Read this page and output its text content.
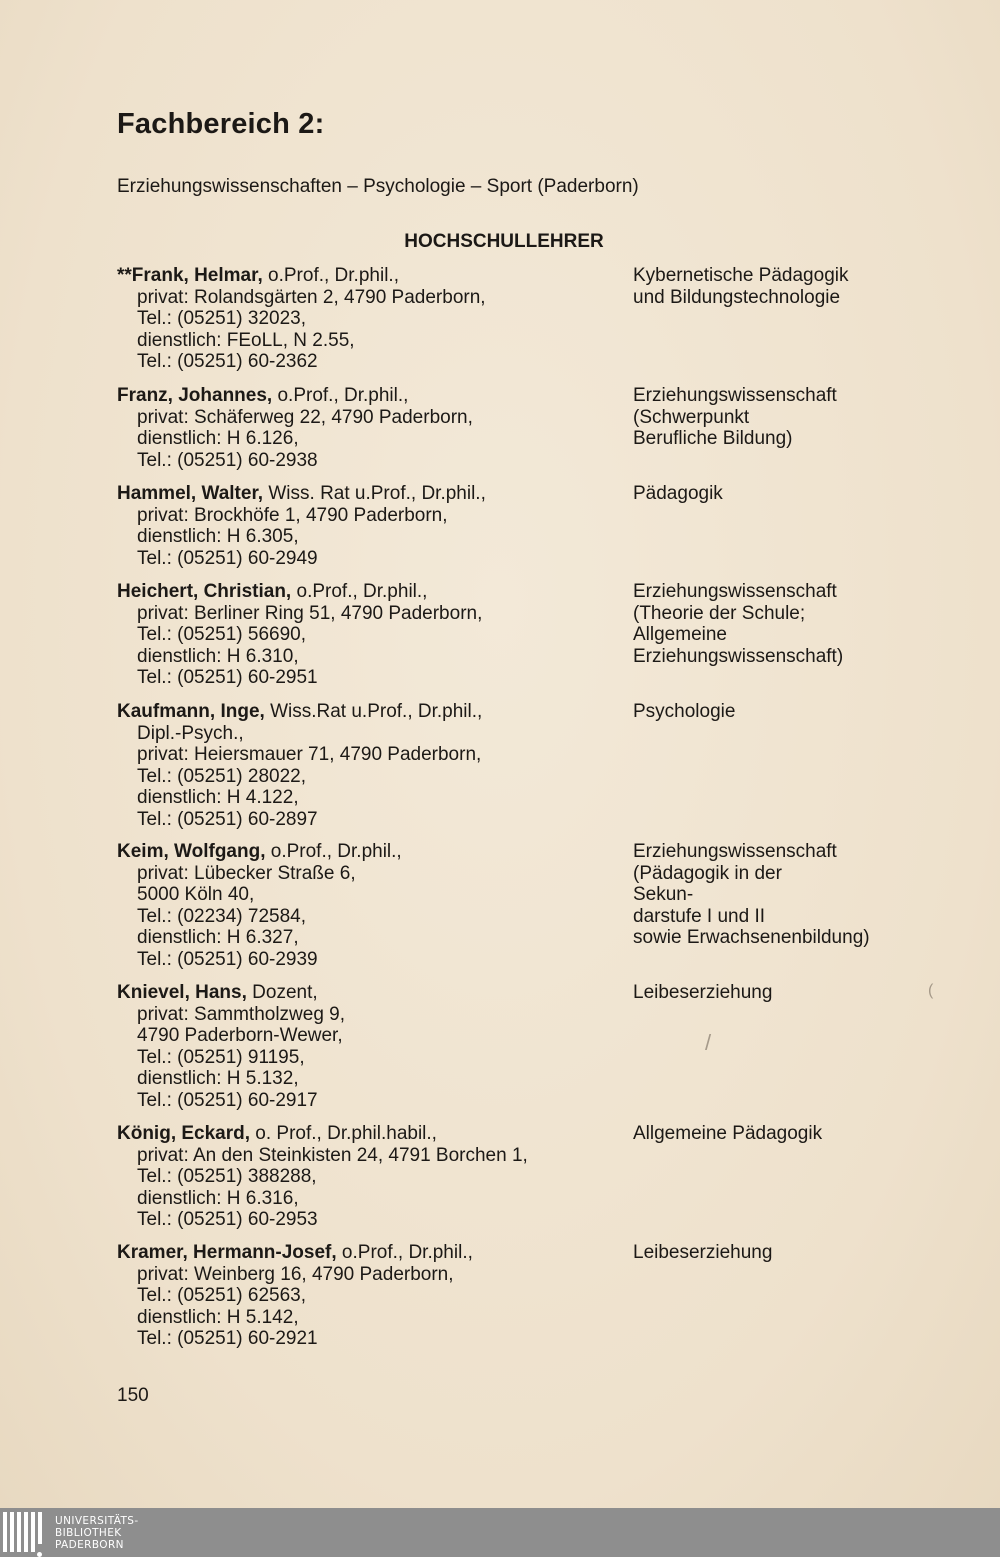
Fachbereich 2:

Erziehungswissenschaften – Psychologie – Sport (Paderborn)

HOCHSCHULLEHRER
**Frank, Helmar, o.Prof., Dr.phil.,
privat: Rolandsgärten 2, 4790 Paderborn,
Tel.: (05251) 32023,
dienstlich: FEoLL, N 2.55,
Tel.: (05251) 60-2362
Kybernetische Pädagogik
und Bildungstechnologie
Franz, Johannes, o.Prof., Dr.phil.,
privat: Schäferweg 22, 4790 Paderborn,
dienstlich: H 6.126,
Tel.: (05251) 60-2938
Erziehungswissenschaft
(Schwerpunkt
Berufliche Bildung)
Hammel, Walter, Wiss. Rat u.Prof., Dr.phil.,
privat: Brockhöfe 1, 4790 Paderborn,
dienstlich: H 6.305,
Tel.: (05251) 60-2949
Pädagogik
Heichert, Christian, o.Prof., Dr.phil.,
privat: Berliner Ring 51, 4790 Paderborn,
Tel.: (05251) 56690,
dienstlich: H 6.310,
Tel.: (05251) 60-2951
Erziehungswissenschaft
(Theorie der Schule;
Allgemeine
Erziehungswissenschaft)
Kaufmann, Inge, Wiss.Rat u.Prof., Dr.phil.,
Dipl.-Psych.,
privat: Heiersmauer 71, 4790 Paderborn,
Tel.: (05251) 28022,
dienstlich: H 4.122,
Tel.: (05251) 60-2897
Psychologie
Keim, Wolfgang, o.Prof., Dr.phil.,
privat: Lübecker Straße 6,
5000 Köln 40,
Tel.: (02234) 72584,
dienstlich: H 6.327,
Tel.: (05251) 60-2939
Erziehungswissenschaft
(Pädagogik in der
Sekun-
darstufe I und II
sowie Erwachsenenbildung)
Knievel, Hans, Dozent,
privat: Sammtholzweg 9,
4790 Paderborn-Wewer,
Tel.: (05251) 91195,
dienstlich: H 5.132,
Tel.: (05251) 60-2917
Leibeserziehung
König, Eckard, o. Prof., Dr.phil.habil.,
privat: An den Steinkisten 24, 4791 Borchen 1,
Tel.: (05251) 388288,
dienstlich: H 6.316,
Tel.: (05251) 60-2953
Allgemeine Pädagogik
Kramer, Hermann-Josef, o.Prof., Dr.phil.,
privat: Weinberg 16, 4790 Paderborn,
Tel.: (05251) 62563,
dienstlich: H 5.142,
Tel.: (05251) 60-2921
Leibeserziehung

150

/
(
UNIVERSITÄTS-
BIBLIOTHEK
PADERBORN
